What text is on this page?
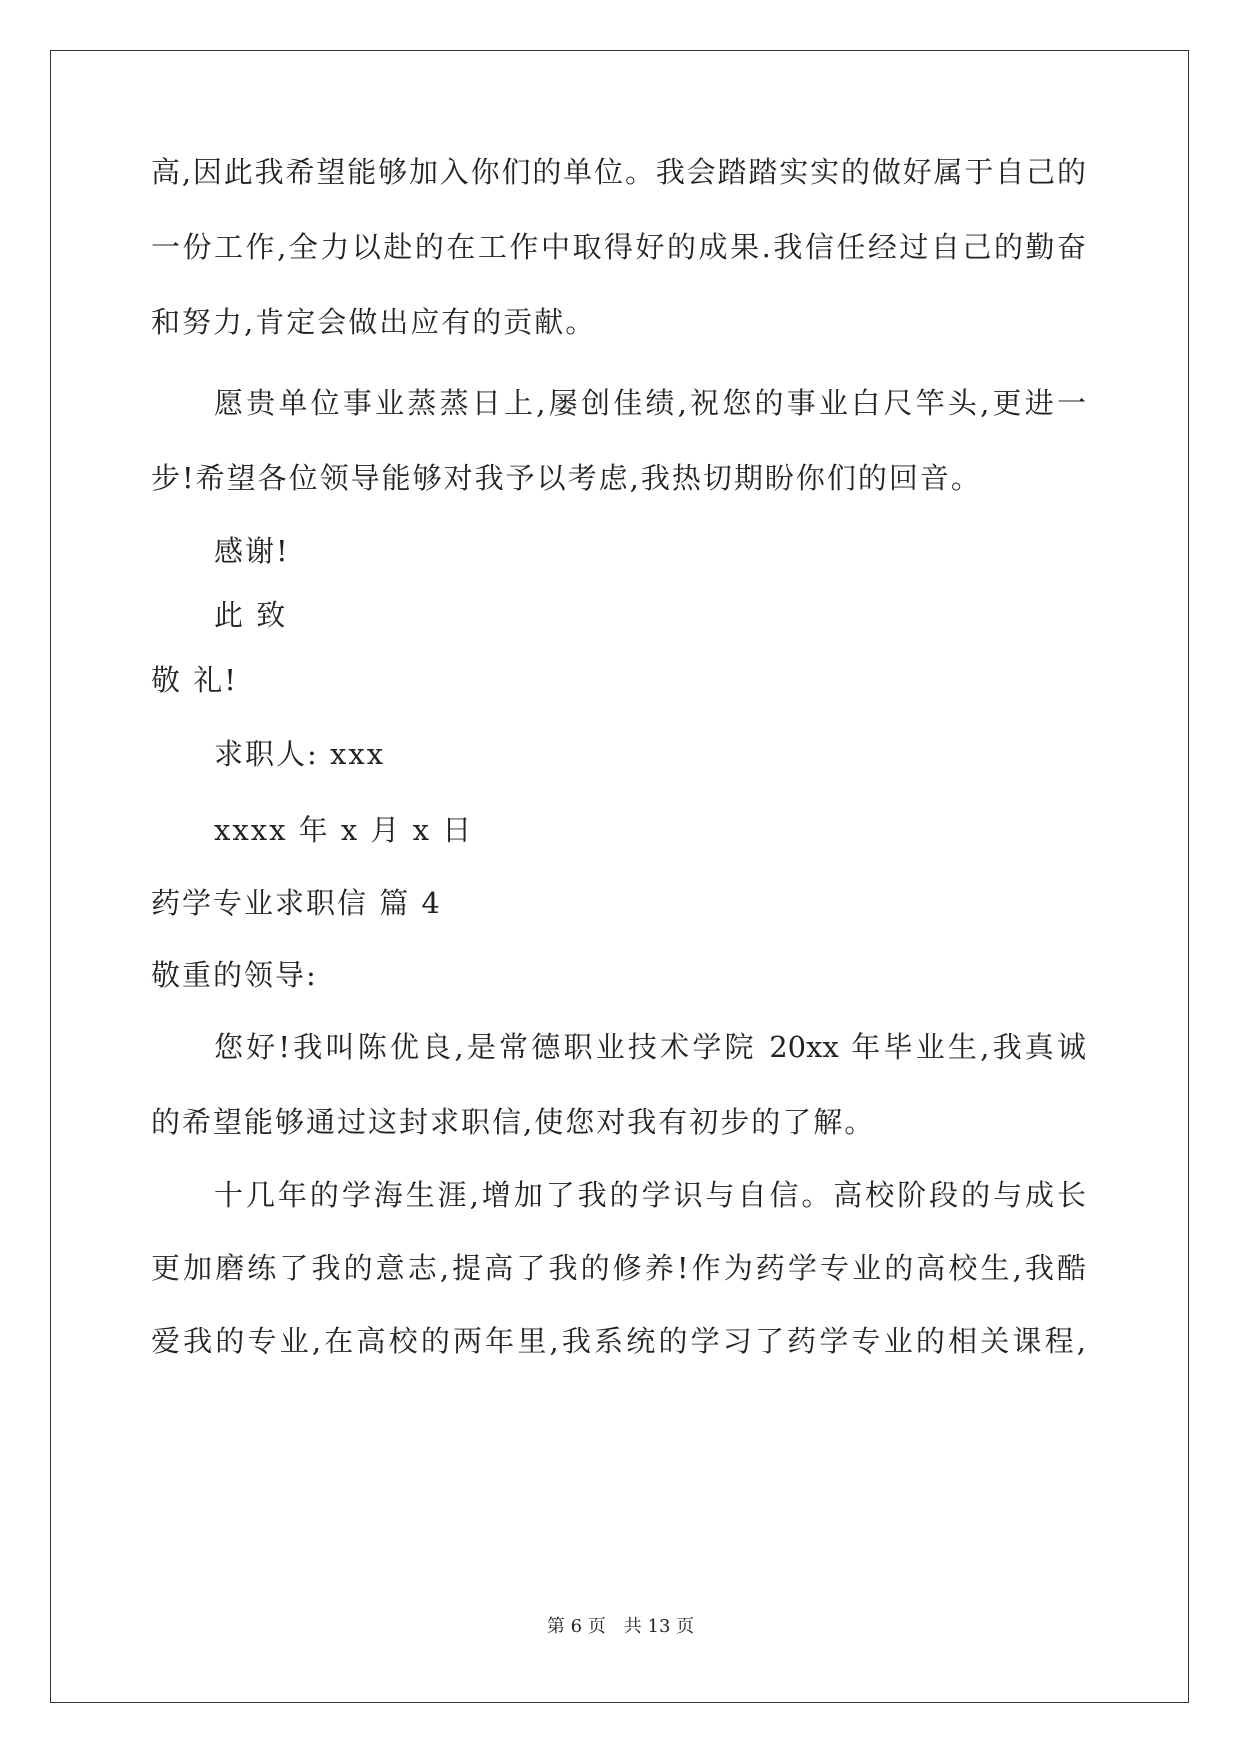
高,因此我希望能够加入你们的单位。我会踏踏实实的做好属于自己的
一份工作,全力以赴的在工作中取得好的成果.我信任经过自己的勤奋
和努力,肯定会做出应有的贡献。
愿贵单位事业蒸蒸日上,屡创佳绩,祝您的事业白尺竿头,更进一
步!希望各位领导能够对我予以考虑,我热切期盼你们的回音。
感谢!
此 致
敬 礼!
求职人: xxx
xxxx 年 x 月 x 日
药学专业求职信 篇 4
敬重的领导:
您好!我叫陈优良,是常德职业技术学院 20xx 年毕业生,我真诚
的希望能够通过这封求职信,使您对我有初步的了解。
十几年的学海生涯,增加了我的学识与自信。高校阶段的与成长
更加磨练了我的意志,提高了我的修养!作为药学专业的高校生,我酷
爱我的专业,在高校的两年里,我系统的学习了药学专业的相关课程,
第 6 页 共 13 页
